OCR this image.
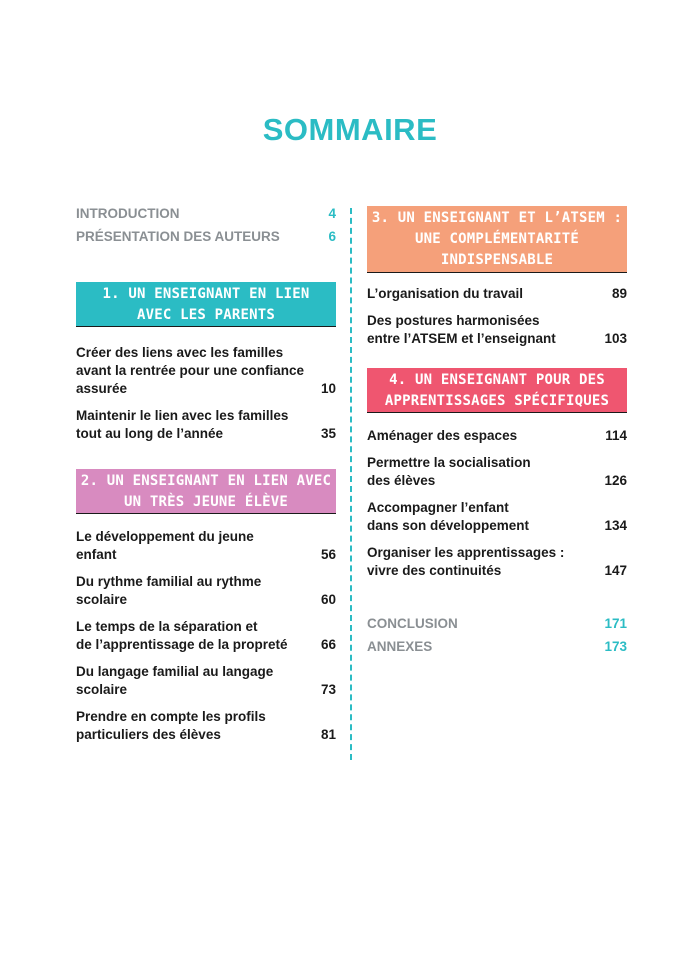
SOMMAIRE
INTRODUCTION	4
PRÉSENTATION DES AUTEURS	6
1. UN ENSEIGNANT EN LIEN
AVEC LES PARENTS
Créer des liens avec les familles
avant la rentrée pour une confiance
assurée	10
Maintenir le lien avec les familles
tout au long de l’année	35
2. UN ENSEIGNANT EN LIEN AVEC
UN TRÈS JEUNE ÉLÈVE
Le développement du jeune
enfant	56
Du rythme familial au rythme
scolaire	60
Le temps de la séparation et
de l’apprentissage de la propreté	66
Du langage familial au langage
scolaire	73
Prendre en compte les profils
particuliers des élèves	81
3. UN ENSEIGNANT ET L’ATSEM :
UNE COMPLÉMENTARITÉ
INDISPENSABLE
L’organisation du travail	89
Des postures harmonisées
entre l’ATSEM et l’enseignant	103
4. UN ENSEIGNANT POUR DES
APPRENTISSAGES SPÉCIFIQUES
Aménager des espaces	114
Permettre la socialisation
des élèves	126
Accompagner l’enfant
dans son développement	134
Organiser les apprentissages :
vivre des continuités	147
CONCLUSION	171
ANNEXES	173
